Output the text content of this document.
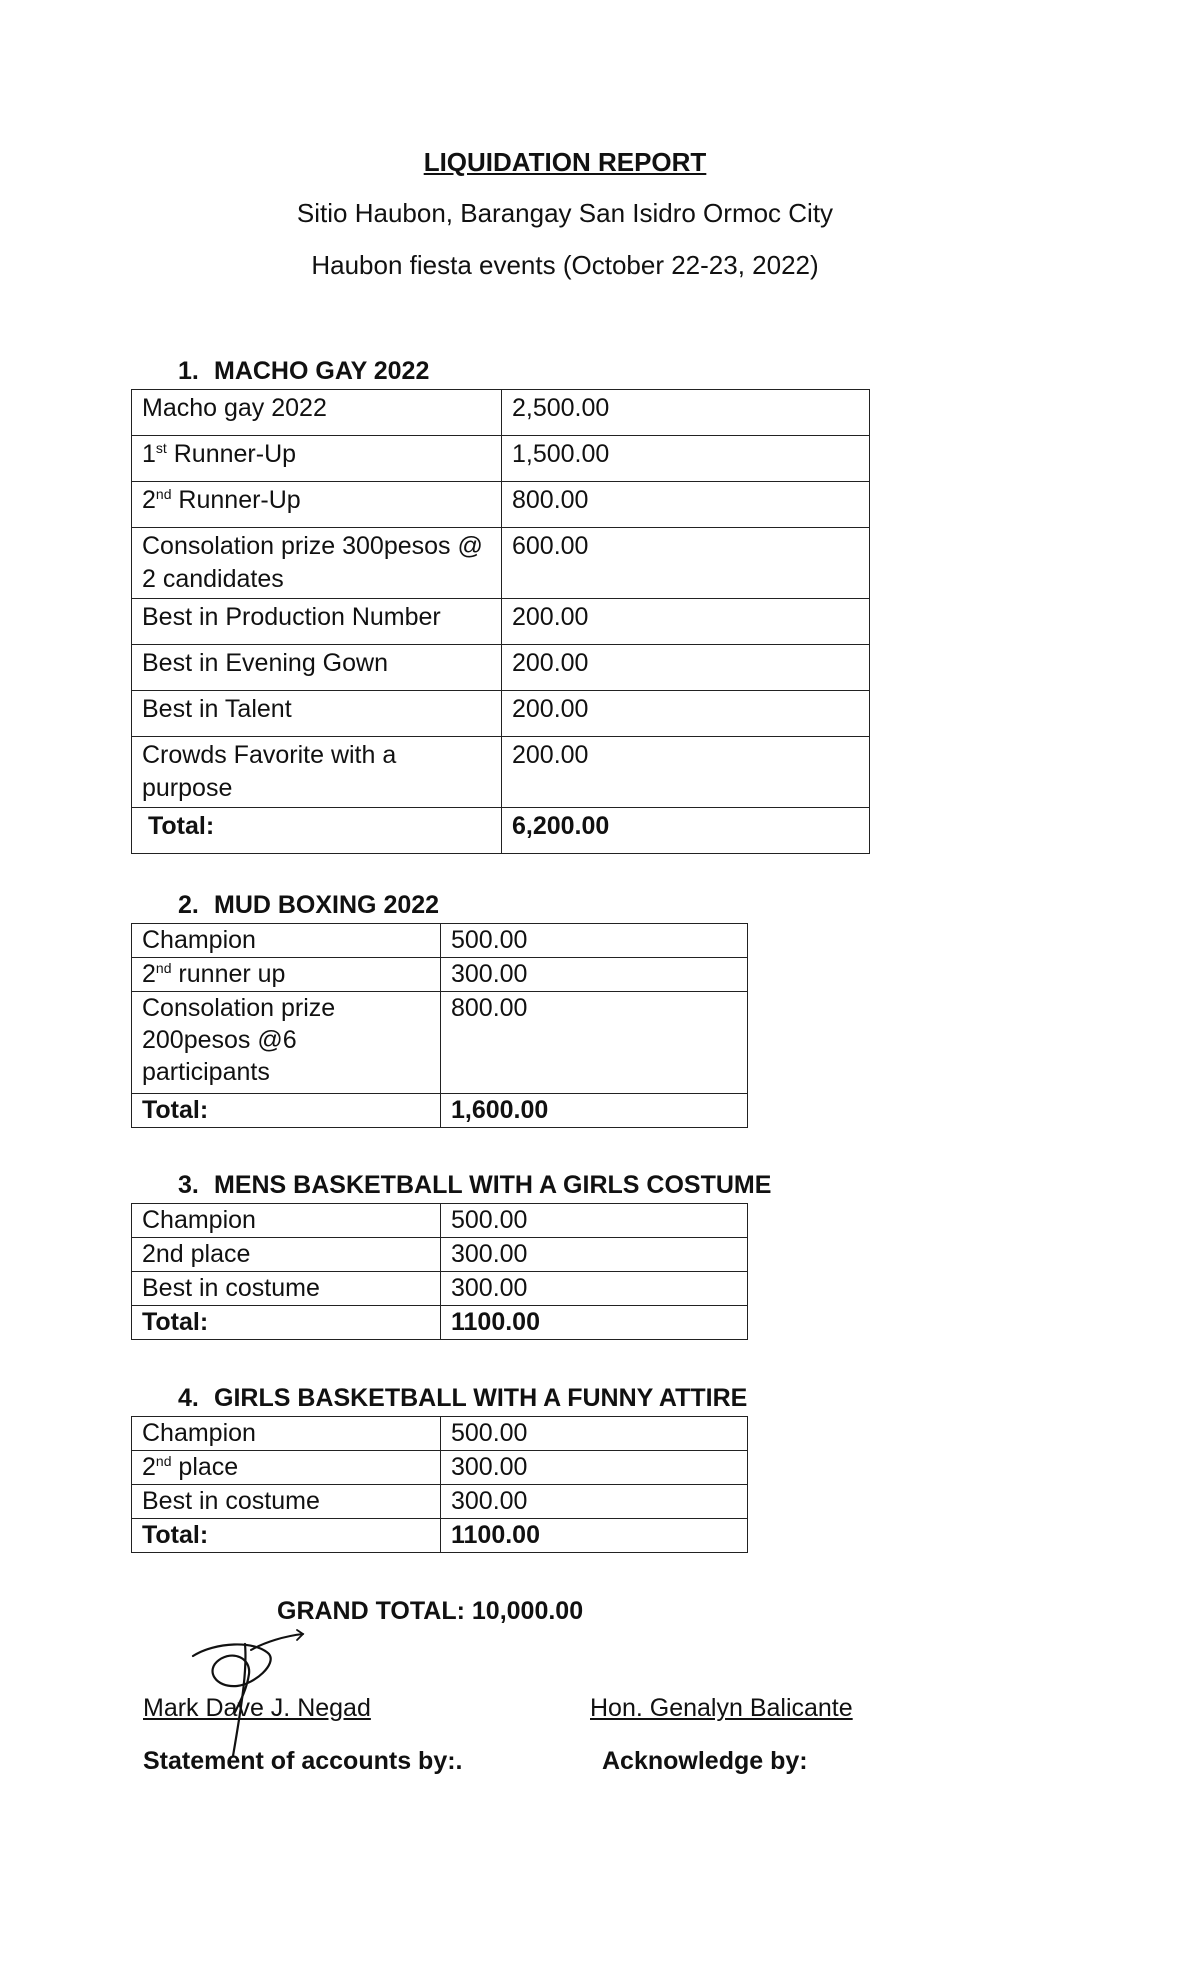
LIQUIDATION REPORT
Sitio Haubon, Barangay San Isidro Ormoc City
Haubon fiesta events (October 22-23, 2022)
1. MACHO GAY 2022
Macho gay 2022	2,500.00
1st Runner-Up	1,500.00
2nd Runner-Up	800.00
Consolation prize 300pesos @ 2 candidates	600.00
Best in Production Number	200.00
Best in Evening Gown	200.00
Best in Talent	200.00
Crowds Favorite with a purpose	200.00
Total:	6,200.00
2. MUD BOXING 2022
Champion	500.00
2nd runner up	300.00
Consolation prize 200pesos @6 participants	800.00
Total:	1,600.00
3. MENS BASKETBALL WITH A GIRLS COSTUME
Champion	500.00
2nd place	300.00
Best in costume	300.00
Total:	1100.00
4. GIRLS BASKETBALL WITH A FUNNY ATTIRE
Champion	500.00
2nd place	300.00
Best in costume	300.00
Total:	1100.00
GRAND TOTAL: 10,000.00
Mark Dave J. Negad
Statement of accounts by:.
Hon. Genalyn Balicante
Acknowledge by:
